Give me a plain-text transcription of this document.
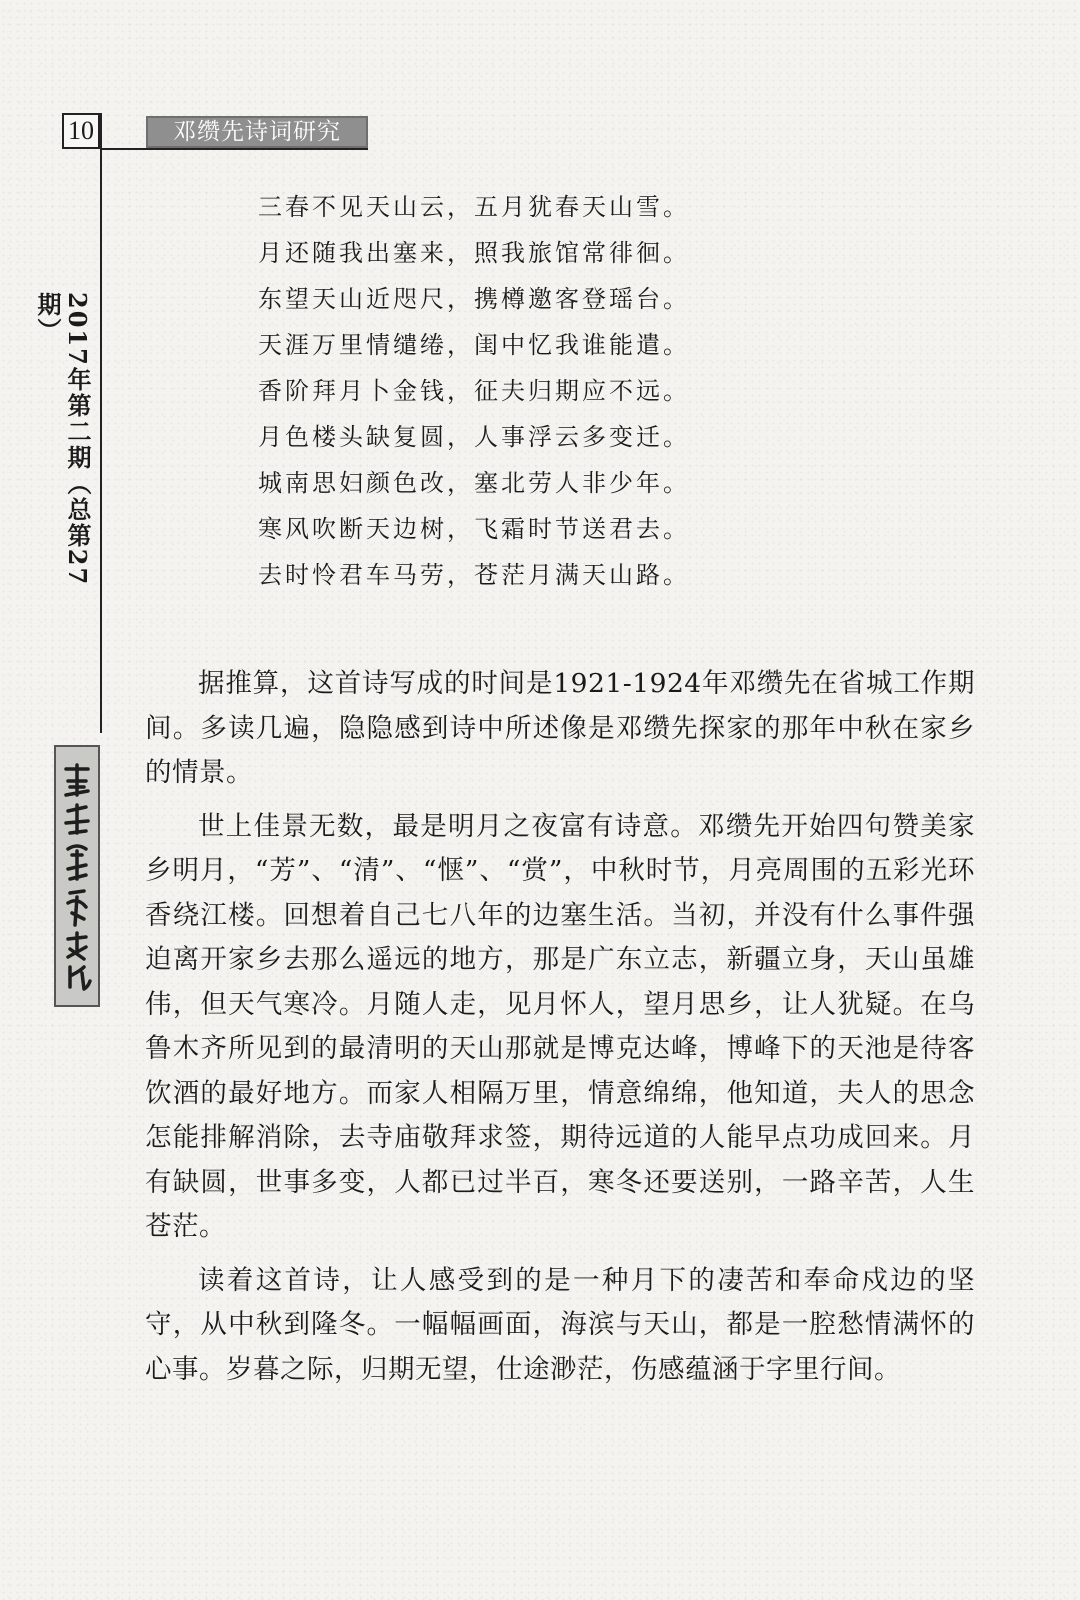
10	邓缵先诗词研究
2017年第二期（总第27期）
三春不见天山云，五月犹春天山雪。
月还随我出塞来，照我旅馆常徘徊。
东望天山近咫尺，携樽邀客登瑶台。
天涯万里情缱绻，闺中忆我谁能遣。
香阶拜月卜金钱，征夫归期应不远。
月色楼头缺复圆，人事浮云多变迁。
城南思妇颜色改，塞北劳人非少年。
寒风吹断天边树，飞霜时节送君去。
去时怜君车马劳，苍茫月满天山路。

据推算，这首诗写成的时间是1921-1924年邓缵先在省城工作期间。多读几遍，隐隐感到诗中所述像是邓缵先探家的那年中秋在家乡的情景。

世上佳景无数，最是明月之夜富有诗意。邓缵先开始四句赞美家乡明月，“芳”、“清”、“惬”、“赏”，中秋时节，月亮周围的五彩光环香绕江楼。回想着自己七八年的边塞生活。当初，并没有什么事件强迫离开家乡去那么遥远的地方，那是广东立志，新疆立身，天山虽雄伟，但天气寒冷。月随人走，见月怀人，望月思乡，让人犹疑。在乌鲁木齐所见到的最清明的天山那就是博克达峰，博峰下的天池是待客饮酒的最好地方。而家人相隔万里，情意绵绵，他知道，夫人的思念怎能排解消除，去寺庙敬拜求签，期待远道的人能早点功成回来。月有缺圆，世事多变，人都已过半百，寒冬还要送别，一路辛苦，人生苍茫。

读着这首诗，让人感受到的是一种月下的凄苦和奉命戍边的坚守，从中秋到隆冬。一幅幅画面，海滨与天山，都是一腔愁情满怀的心事。岁暮之际，归期无望，仕途渺茫，伤感蕴涵于字里行间。
